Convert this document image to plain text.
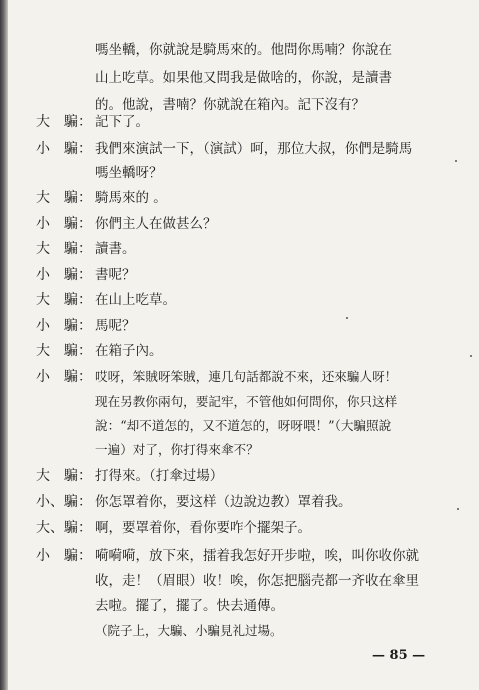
嗎坐轎，你就說是騎馬來的。他問你馬喃？你說在
山上吃草。如果他又問我是做啥的，你說，是讀書
的。他說，書喃？你就說在箱內。記下沒有？
大　騙： 記下了。
小　騙： 我們來演試一下，（演試）呵，那位大叔，你們是騎馬
嗎坐轎呀？
大　騙： 騎馬來的 。
小　騙： 你們主人在做甚么？
大　騙： 讀書。
小　騙： 書呢？
大　騙： 在山上吃草。
小　騙： 馬呢？
大　騙： 在箱子內。
小　騙： 哎呀，笨賊呀笨賊，連几句話都說不來，还來騙人呀！
现在另教你兩句，要記牢，不管他如何問你，你只这样
說：“却不道怎的，又不道怎的，呀呀喂！”（大騙照說
一遍）对了，你打得來傘不？
大　騙： 打得來。（打傘过場）
小、騙： 你怎罩着你，要这样（边說边教）罩着我。
大、騙： 啊，要罩着你，看你要咋个擺架子。
小　騙： 嗬嗬嗬，放下來，擂着我怎好开步啦，唉，叫你收你就
收，走！（眉眼）收！唉，你怎把腦壳都一齐收在傘里
去啦。擺了，擺了。快去通傳。
（院子上，大騙、小騙見礼过場。
— 85 —
